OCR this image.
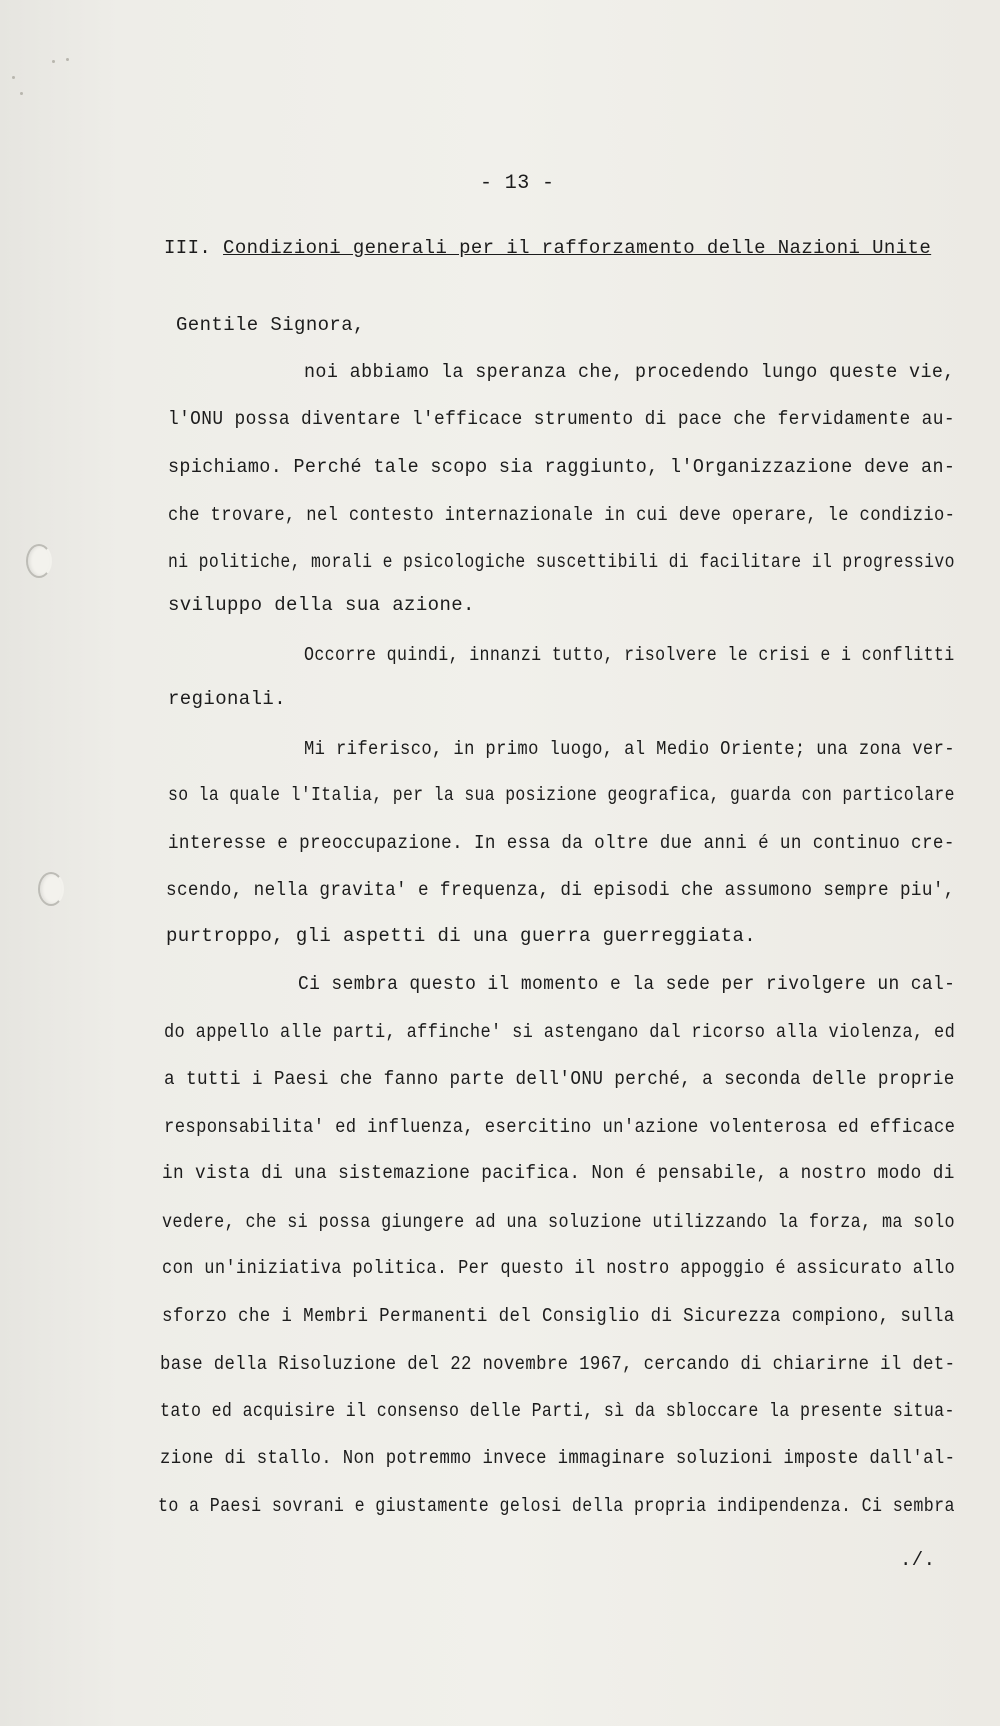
- 13 -
III. Condizioni generali per il rafforzamento delle Nazioni Unite
Gentile Signora,
noi abbiamo la speranza che, procedendo lungo queste vie,
l'ONU possa diventare l'efficace strumento di pace che fervidamente au-
spichiamo. Perché tale scopo sia raggiunto, l'Organizzazione deve an-
che trovare, nel contesto internazionale in cui deve operare, le condizio-
ni politiche, morali e psicologiche suscettibili di facilitare il progressivo
sviluppo della sua azione.
Occorre quindi, innanzi tutto, risolvere le crisi e i conflitti
regionali.
Mi riferisco, in primo luogo, al Medio Oriente; una zona ver-
so la quale l'Italia, per la sua posizione geografica, guarda con particolare
interesse e preoccupazione. In essa da oltre due anni é un continuo cre-
scendo, nella gravita' e frequenza, di episodi che assumono sempre piu',
purtroppo, gli aspetti di una guerra guerreggiata.
Ci sembra questo il momento e la sede per rivolgere un cal-
do appello alle parti, affinche' si astengano dal ricorso alla violenza, ed
a tutti i Paesi che fanno parte dell'ONU perché, a seconda delle proprie
responsabilita' ed influenza, esercitino un'azione volenterosa ed efficace
in vista di una sistemazione pacifica. Non é pensabile, a nostro modo di
vedere, che si possa giungere ad una soluzione utilizzando la forza, ma solo
con un'iniziativa politica. Per questo il nostro appoggio é assicurato allo
sforzo che i Membri Permanenti del Consiglio di Sicurezza compiono, sulla
base della Risoluzione del 22 novembre 1967, cercando di chiarirne il det-
tato ed acquisire il consenso delle Parti, sì da sbloccare la presente situa-
zione di stallo. Non potremmo invece immaginare soluzioni imposte dall'al-
to a Paesi sovrani e giustamente gelosi della propria indipendenza. Ci sembra
./.
